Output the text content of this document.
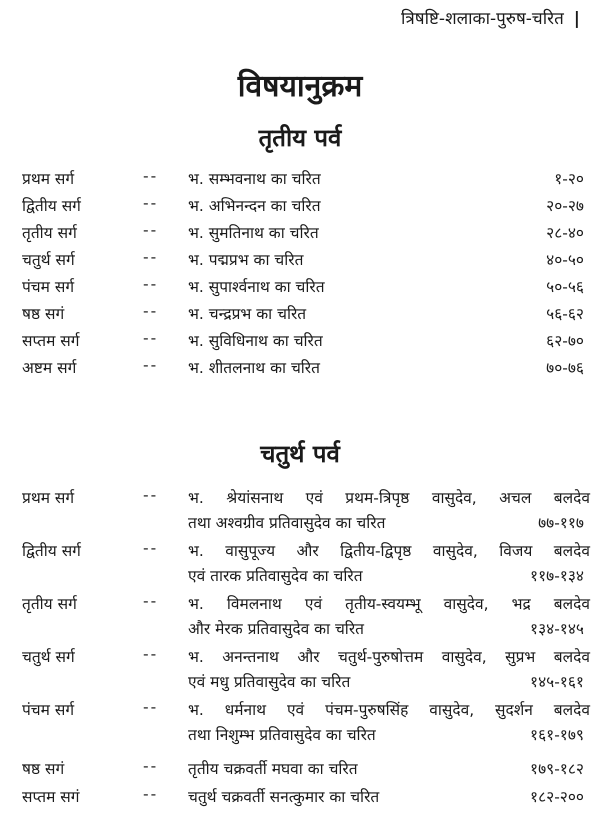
त्रिषष्टि-शलाका-पुरुष-चरित |
विषयानुक्रम
तृतीय पर्व
प्रथम सर्ग	-- भ. सम्भवनाथ का चरित	१-२०
द्वितीय सर्ग	-- भ. अभिनन्दन का चरित	२०-२७
तृतीय सर्ग	-- भ. सुमतिनाथ का चरित	२८-४०
चतुर्थ सर्ग	-- भ. पद्मप्रभ का चरित	४०-५०
पंचम सर्ग	-- भ. सुपार्श्वनाथ का चरित	५०-५६
षष्ठ सगं	-- भ. चन्द्रप्रभ का चरित	५६-६२
सप्तम सर्ग	-- भ. सुविधिनाथ का चरित	६२-७०
अष्टम सर्ग	-- भ. शीतलनाथ का चरित	७०-७६
चतुर्थ पर्व
प्रथम सर्ग	-- भ. श्रेयांसनाथ एवं प्रथम-त्रिपृष्ठ वासुदेव, अचल बलदेव
तथा अश्वग्रीव प्रतिवासुदेव का चरित	७७-११७
द्वितीय सर्ग	-- भ. वासुपूज्य और द्वितीय-द्विपृष्ठ वासुदेव, विजय बलदेव
एवं तारक प्रतिवासुदेव का चरित	११७-१३४
तृतीय सर्ग	-- भ. विमलनाथ एवं तृतीय-स्वयम्भू वासुदेव, भद्र बलदेव
और मेरक प्रतिवासुदेव का चरित	१३४-१४५
चतुर्थ सर्ग	-- भ. अनन्तनाथ और चतुर्थ-पुरुषोत्तम वासुदेव, सुप्रभ बलदेव
एवं मधु प्रतिवासुदेव का चरित	१४५-१६१
पंचम सर्ग	-- भ. धर्मनाथ एवं पंचम-पुरुषसिंह वासुदेव, सुदर्शन बलदेव
तथा निशुम्भ प्रतिवासुदेव का चरित	१६१-१७९
षष्ठ सगं	-- तृतीय चक्रवर्ती मघवा का चरित	१७९-१८२
सप्तम सगं	-- चतुर्थ चक्रवर्ती सनत्कुमार का चरित	१८२-२००
